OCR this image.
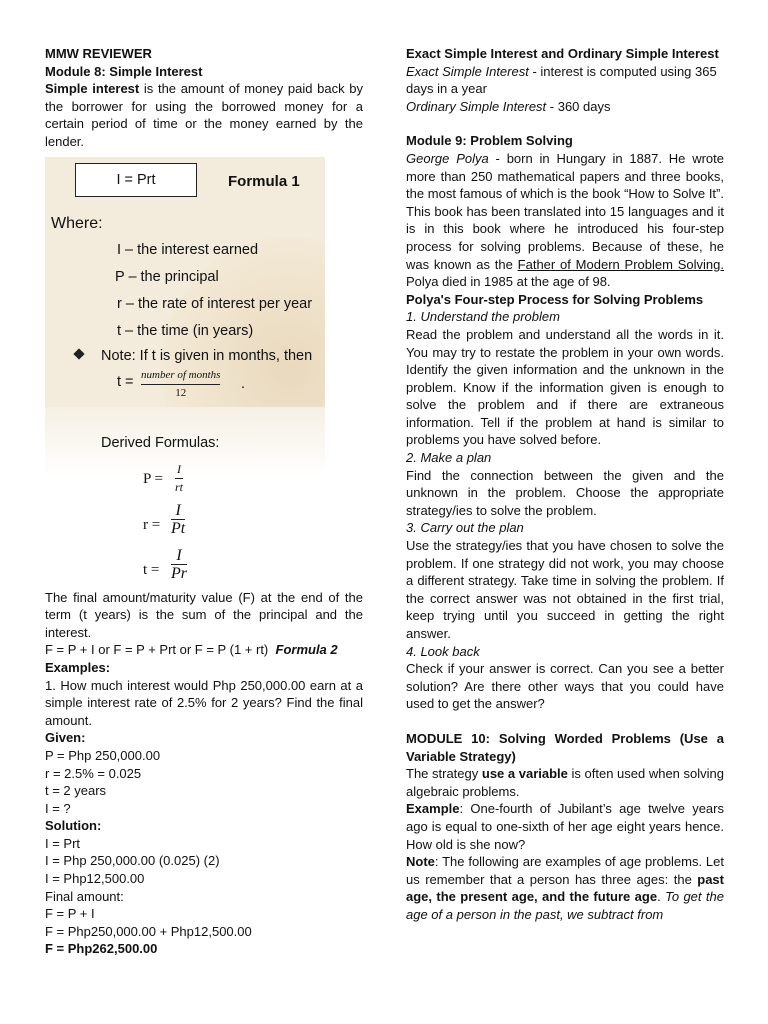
MMW REVIEWER

Module 8: Simple Interest

Simple interest is the amount of money paid back by the borrower for using the borrowed money for a certain period of time or the money earned by the lender.

I = Prt	Formula 1
Where:
I – the interest earned
P – the principal
r – the rate of interest per year
t – the time (in years)
Note: If t is given in months, then
t = number of months
12
.
Derived Formulas:
P =
I
rt
r =
I
Pt
t =
I
Pr

The final amount/maturity value (F) at the end of the term (t years) is the sum of the principal and the interest.

F = P + I or F = P + Prt or F = P (1 + rt) Formula 2

Examples:

1. How much interest would Php 250,000.00 earn at a simple interest rate of 2.5% for 2 years? Find the final amount.

Given:

P = Php 250,000.00

r = 2.5% = 0.025

t = 2 years

I = ?

Solution:

I = Prt

I = Php 250,000.00 (0.025) (2)

I = Php12,500.00

Final amount:

F = P + I

F = Php250,000.00 + Php12,500.00

F = Php262,500.00

Exact Simple Interest and Ordinary Simple Interest

Exact Simple Interest - interest is computed using 365 days in a year

Ordinary Simple Interest - 360 days

Module 9: Problem Solving

George Polya - born in Hungary in 1887. He wrote more than 250 mathematical papers and three books, the most famous of which is the book “How to Solve It”. This book has been translated into 15 languages and it is in this book where he introduced his four-step process for solving problems. Because of these, he was known as the Father of Modern Problem Solving. Polya died in 1985 at the age of 98.

Polya's Four-step Process for Solving Problems

1. Understand the problem

Read the problem and understand all the words in it. You may try to restate the problem in your own words. Identify the given information and the unknown in the problem. Know if the information given is enough to solve the problem and if there are extraneous information. Tell if the problem at hand is similar to problems you have solved before.

2. Make a plan

Find the connection between the given and the unknown in the problem. Choose the appropriate strategy/ies to solve the problem.

3. Carry out the plan

Use the strategy/ies that you have chosen to solve the problem. If one strategy did not work, you may choose a different strategy. Take time in solving the problem. If the correct answer was not obtained in the first trial, keep trying until you succeed in getting the right answer.

4. Look back

Check if your answer is correct. Can you see a better solution? Are there other ways that you could have used to get the answer?

MODULE 10: Solving Worded Problems (Use a Variable Strategy)

The strategy use a variable is often used when solving algebraic problems.

Example: One-fourth of Jubilant’s age twelve years ago is equal to one-sixth of her age eight years hence. How old is she now?

Note: The following are examples of age problems. Let us remember that a person has three ages: the past age, the present age, and the future age. To get the age of a person in the past, we subtract from
